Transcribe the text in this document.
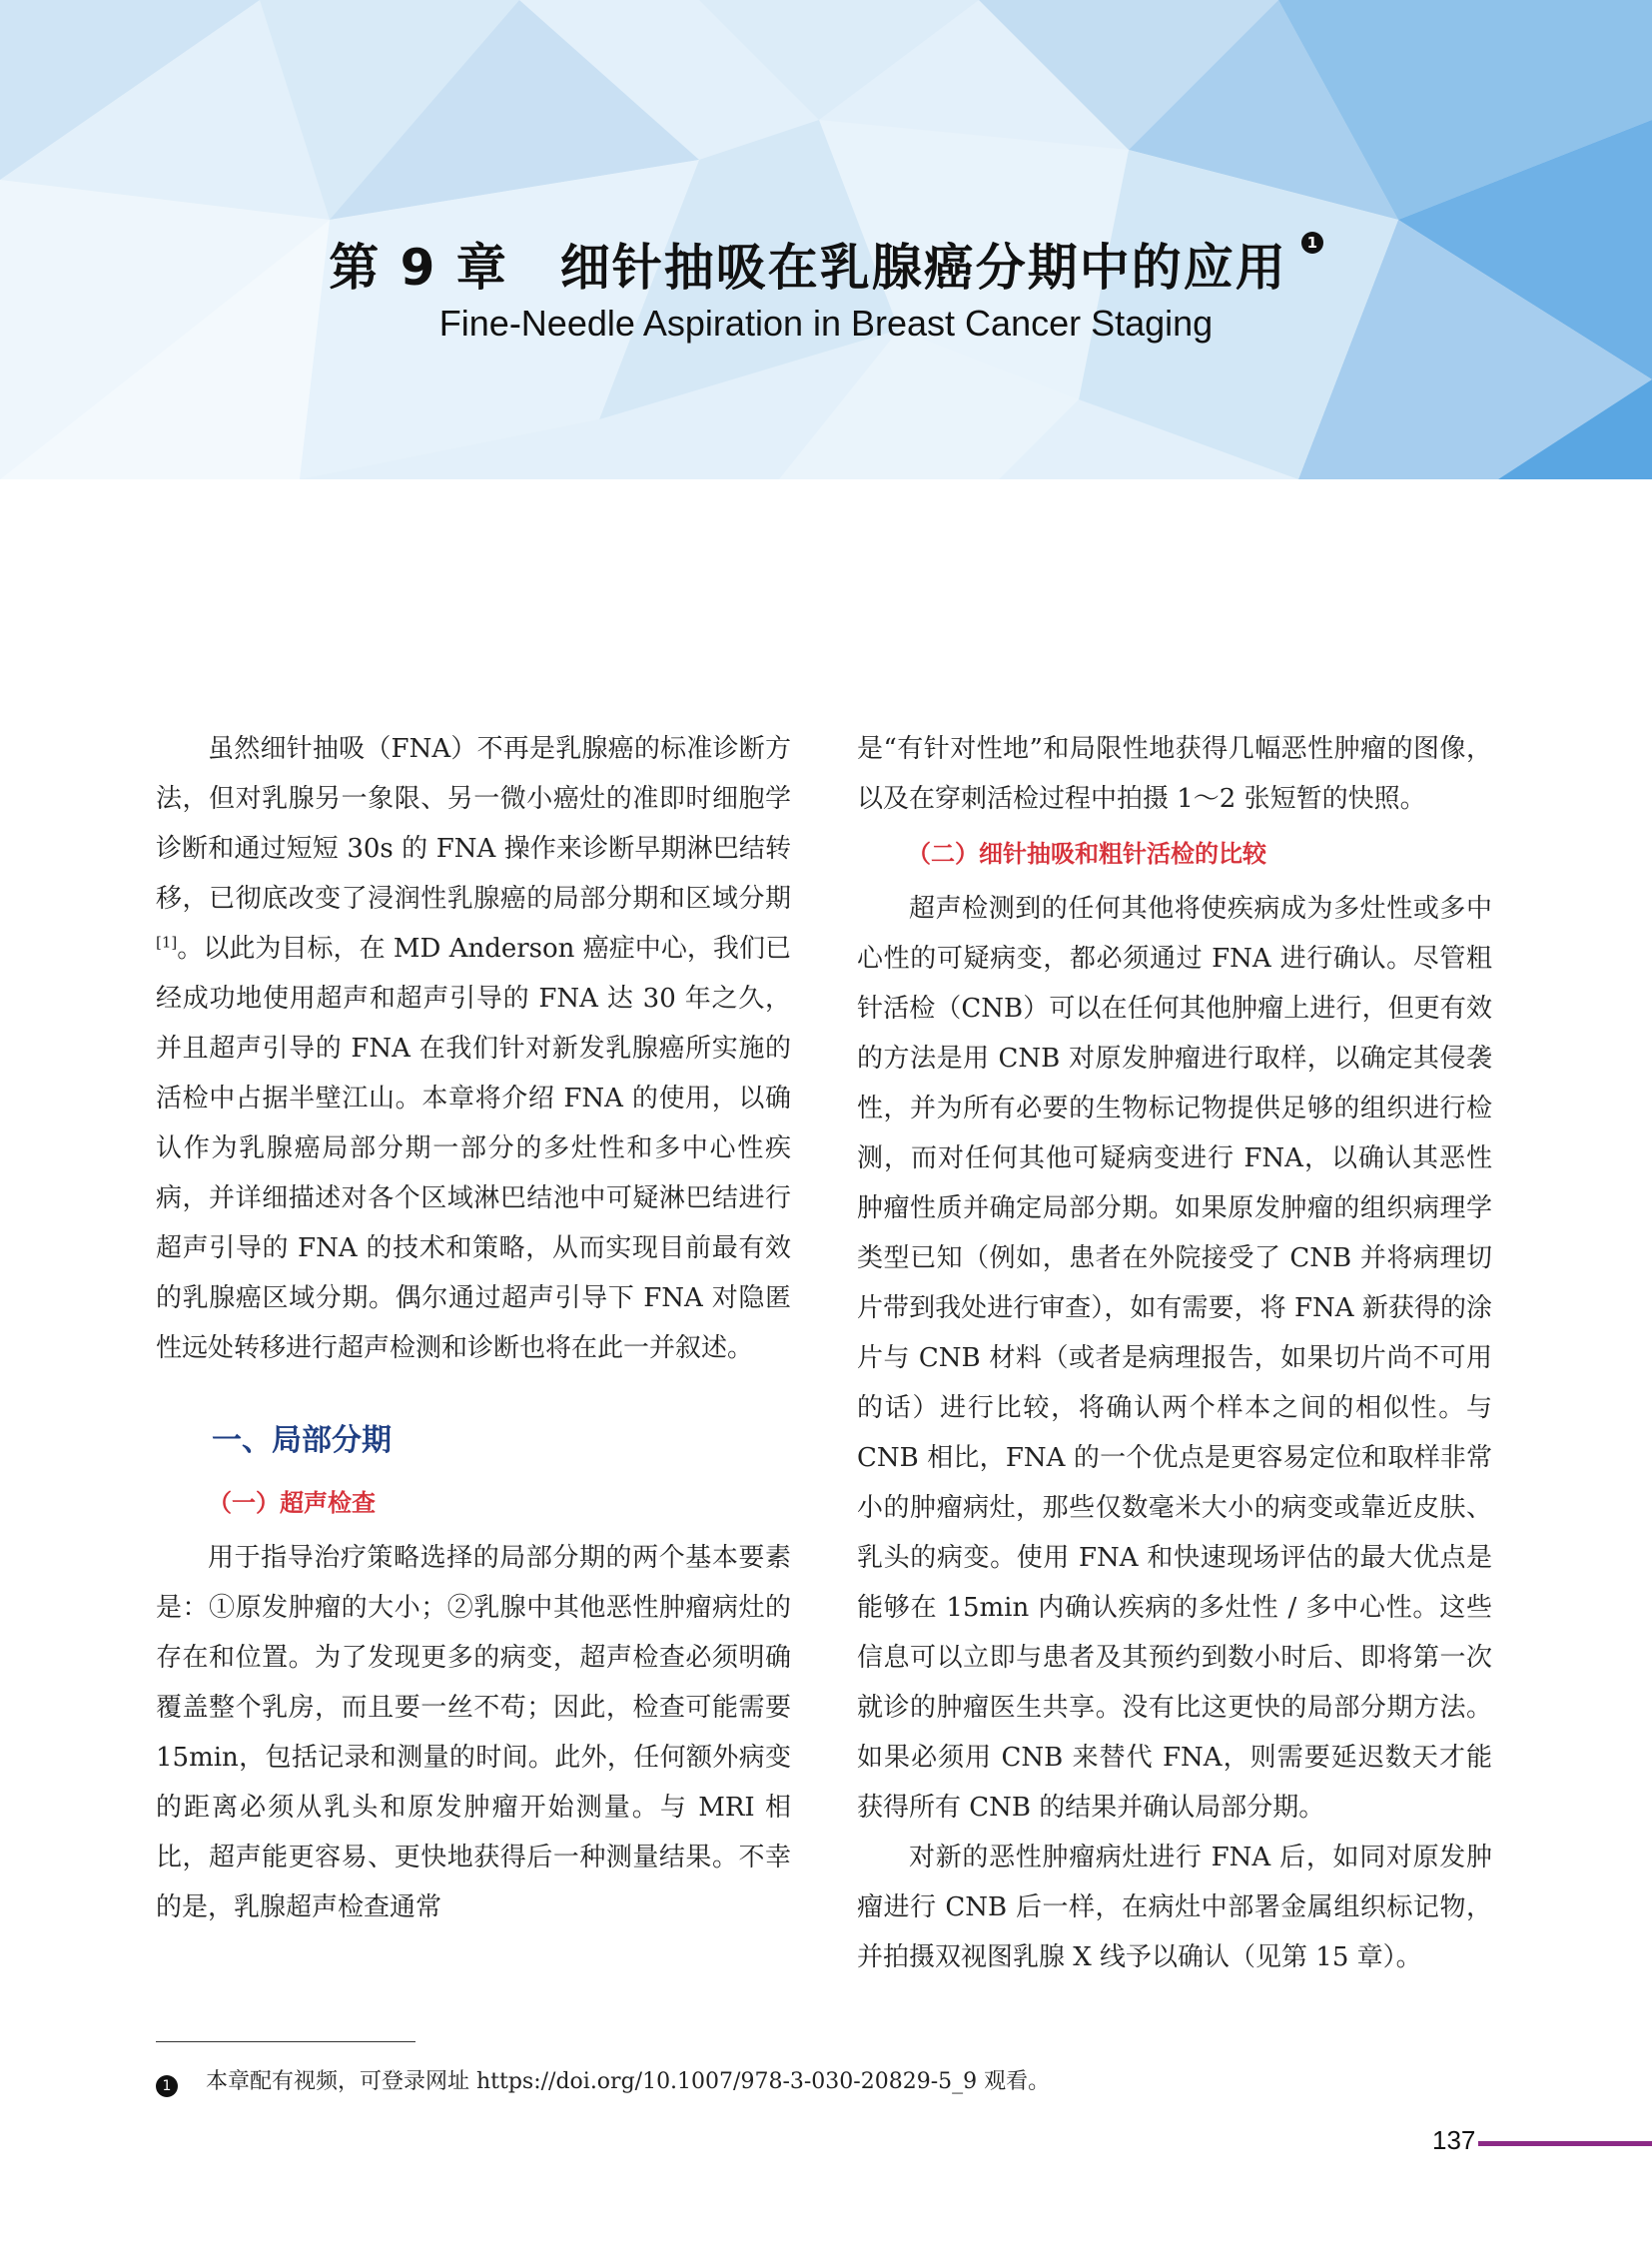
第 9 章 细针抽吸在乳腺癌分期中的应用 1
Fine-Needle Aspiration in Breast Cancer Staging

虽然细针抽吸（FNA）不再是乳腺癌的标准诊断方法，但对乳腺另一象限、另一微小癌灶的准即时细胞学诊断和通过短短 30s 的 FNA 操作来诊断早期淋巴结转移，已彻底改变了浸润性乳腺癌的局部分期和区域分期[1]。以此为目标，在 MD Anderson 癌症中心，我们已经成功地使用超声和超声引导的 FNA 达 30 年之久，并且超声引导的 FNA 在我们针对新发乳腺癌所实施的活检中占据半壁江山。本章将介绍 FNA 的使用，以确认作为乳腺癌局部分期一部分的多灶性和多中心性疾病，并详细描述对各个区域淋巴结池中可疑淋巴结进行超声引导的 FNA 的技术和策略，从而实现目前最有效的乳腺癌区域分期。偶尔通过超声引导下 FNA 对隐匿性远处转移进行超声检测和诊断也将在此一并叙述。

一、局部分期
（一）超声检查

用于指导治疗策略选择的局部分期的两个基本要素是：①原发肿瘤的大小；②乳腺中其他恶性肿瘤病灶的存在和位置。为了发现更多的病变，超声检查必须明确覆盖整个乳房，而且要一丝不苟；因此，检查可能需要 15min，包括记录和测量的时间。此外，任何额外病变的距离必须从乳头和原发肿瘤开始测量。与 MRI 相比，超声能更容易、更快地获得后一种测量结果。不幸的是，乳腺超声检查通常

是“有针对性地”和局限性地获得几幅恶性肿瘤的图像，以及在穿刺活检过程中拍摄 1～2 张短暂的快照。

（二）细针抽吸和粗针活检的比较

超声检测到的任何其他将使疾病成为多灶性或多中心性的可疑病变，都必须通过 FNA 进行确认。尽管粗针活检（CNB）可以在任何其他肿瘤上进行，但更有效的方法是用 CNB 对原发肿瘤进行取样，以确定其侵袭性，并为所有必要的生物标记物提供足够的组织进行检测，而对任何其他可疑病变进行 FNA，以确认其恶性肿瘤性质并确定局部分期。如果原发肿瘤的组织病理学类型已知（例如，患者在外院接受了 CNB 并将病理切片带到我处进行审查），如有需要，将 FNA 新获得的涂片与 CNB 材料（或者是病理报告，如果切片尚不可用的话）进行比较，将确认两个样本之间的相似性。与 CNB 相比，FNA 的一个优点是更容易定位和取样非常小的肿瘤病灶，那些仅数毫米大小的病变或靠近皮肤、乳头的病变。使用 FNA 和快速现场评估的最大优点是能够在 15min 内确认疾病的多灶性 / 多中心性。这些信息可以立即与患者及其预约到数小时后、即将第一次就诊的肿瘤医生共享。没有比这更快的局部分期方法。如果必须用 CNB 来替代 FNA，则需要延迟数天才能获得所有 CNB 的结果并确认局部分期。

对新的恶性肿瘤病灶进行 FNA 后，如同对原发肿瘤进行 CNB 后一样，在病灶中部署金属组织标记物，并拍摄双视图乳腺 X 线予以确认（见第 15 章）。

1 本章配有视频，可登录网址 https://doi.org/10.1007/978-3-030-20829-5_9 观看。
137
